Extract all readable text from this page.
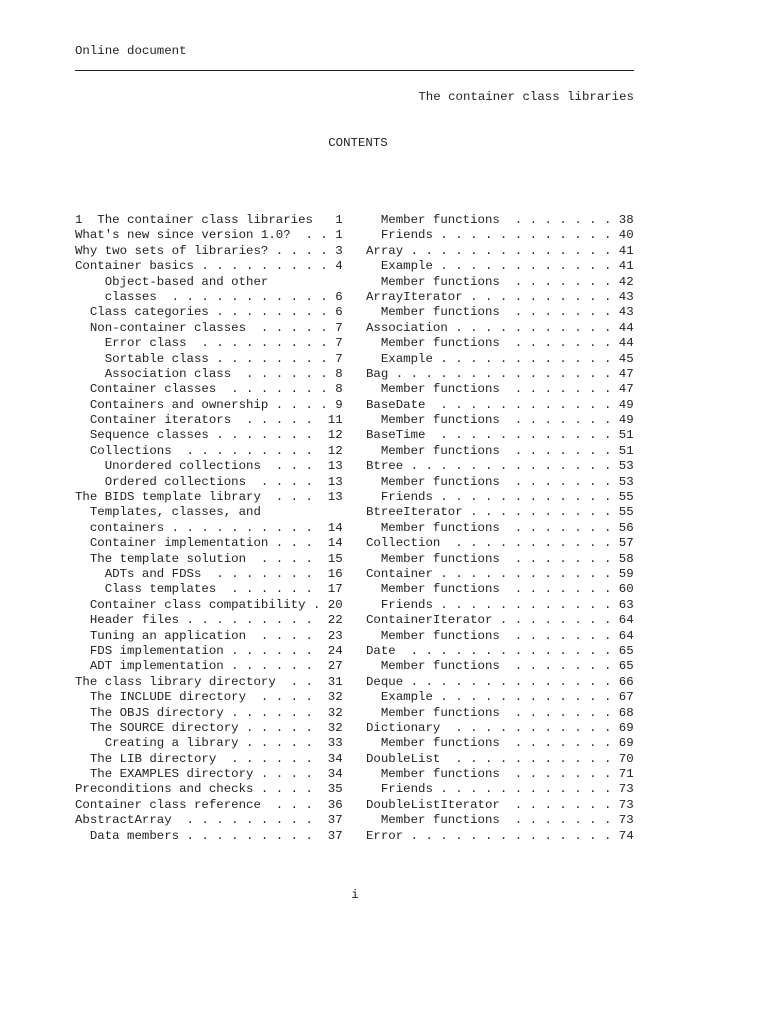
Online document
The container class libraries
CONTENTS
1  The container class libraries   1
What's new since version 1.0?  . . 1
Why two sets of libraries? . . . . 3
Container basics . . . . . . . . . 4
Object-based and other
classes  . . . . . . . . . . . 6
Class categories . . . . . . . . 6
Non-container classes  . . . . . 7
Error class  . . . . . . . . . 7
Sortable class . . . . . . . . 7
Association class  . . . . . . 8
Container classes  . . . . . . . 8
Containers and ownership . . . . 9
Container iterators  . . . . .  11
Sequence classes . . . . . . .  12
Collections  . . . . . . . . .  12
Unordered collections  . . .  13
Ordered collections  . . . .  13
The BIDS template library  . . .  13
Templates, classes, and
containers . . . . . . . . . .  14
Container implementation . . .  14
The template solution  . . . .  15
ADTs and FDSs  . . . . . . .  16
Class templates  . . . . . .  17
Container class compatibility . 20
Header files . . . . . . . . .  22
Tuning an application  . . . .  23
FDS implementation . . . . . .  24
ADT implementation . . . . . .  27
The class library directory  . .  31
The INCLUDE directory  . . . .  32
The OBJS directory . . . . . .  32
The SOURCE directory . . . . .  32
Creating a library . . . . .  33
The LIB directory  . . . . . .  34
The EXAMPLES directory . . . .  34
Preconditions and checks . . . .  35
Container class reference  . . .  36
AbstractArray  . . . . . . . . .  37
Data members . . . . . . . . .  37
Member functions  . . . . . . . 38
Friends . . . . . . . . . . . . 40
Array . . . . . . . . . . . . . . 41
Example . . . . . . . . . . . . 41
Member functions  . . . . . . . 42
ArrayIterator . . . . . . . . . . 43
Member functions  . . . . . . . 43
Association . . . . . . . . . . . 44
Member functions  . . . . . . . 44
Example . . . . . . . . . . . . 45
Bag . . . . . . . . . . . . . . . 47
Member functions  . . . . . . . 47
BaseDate  . . . . . . . . . . . . 49
Member functions  . . . . . . . 49
BaseTime  . . . . . . . . . . . . 51
Member functions  . . . . . . . 51
Btree . . . . . . . . . . . . . . 53
Member functions  . . . . . . . 53
Friends . . . . . . . . . . . . 55
BtreeIterator . . . . . . . . . . 55
Member functions  . . . . . . . 56
Collection  . . . . . . . . . . . 57
Member functions  . . . . . . . 58
Container . . . . . . . . . . . . 59
Member functions  . . . . . . . 60
Friends . . . . . . . . . . . . 63
ContainerIterator . . . . . . . . 64
Member functions  . . . . . . . 64
Date  . . . . . . . . . . . . . . 65
Member functions  . . . . . . . 65
Deque . . . . . . . . . . . . . . 66
Example . . . . . . . . . . . . 67
Member functions  . . . . . . . 68
Dictionary  . . . . . . . . . . . 69
Member functions  . . . . . . . 69
DoubleList  . . . . . . . . . . . 70
Member functions  . . . . . . . 71
Friends . . . . . . . . . . . . 73
DoubleListIterator  . . . . . . . 73
Member functions  . . . . . . . 73
Error . . . . . . . . . . . . . . 74
i
